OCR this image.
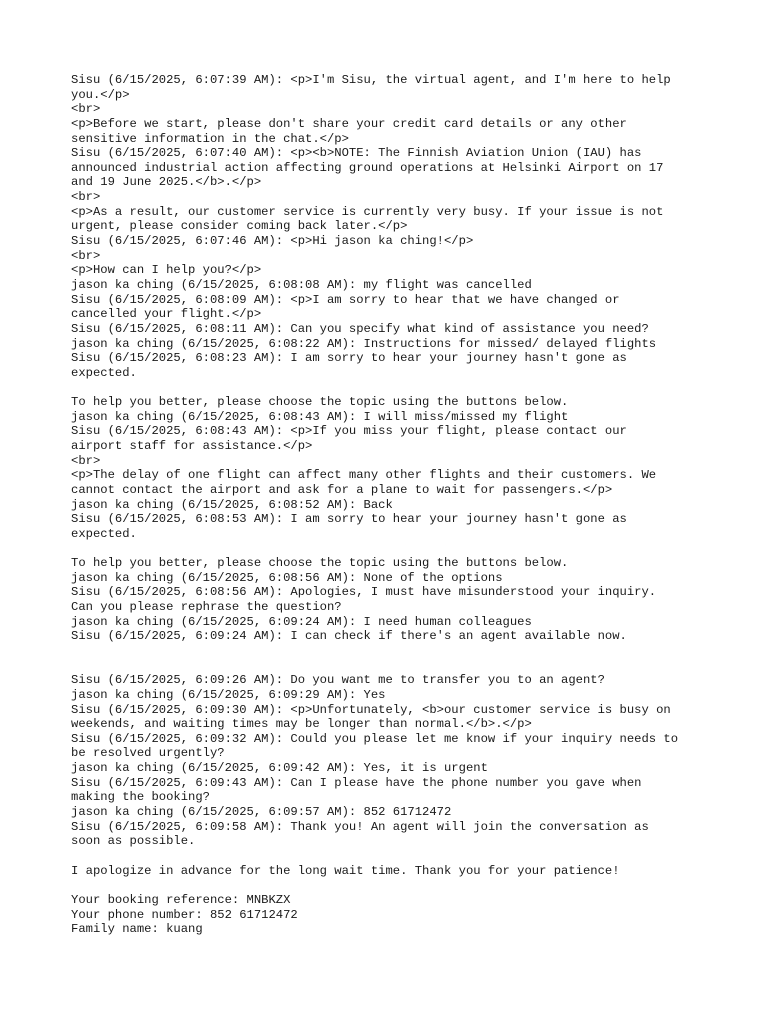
Sisu (6/15/2025, 6:07:39 AM): <p>I'm Sisu, the virtual agent, and I'm here to help
you.</p>
<br>
<p>Before we start, please don't share your credit card details or any other
sensitive information in the chat.</p>
Sisu (6/15/2025, 6:07:40 AM): <p><b>NOTE: The Finnish Aviation Union (IAU) has
announced industrial action affecting ground operations at Helsinki Airport on 17
and 19 June 2025.</b>.</p>
<br>
<p>As a result, our customer service is currently very busy. If your issue is not
urgent, please consider coming back later.</p>
Sisu (6/15/2025, 6:07:46 AM): <p>Hi jason ka ching!</p>
<br>
<p>How can I help you?</p>
jason ka ching (6/15/2025, 6:08:08 AM): my flight was cancelled
Sisu (6/15/2025, 6:08:09 AM): <p>I am sorry to hear that we have changed or
cancelled your flight.</p>
Sisu (6/15/2025, 6:08:11 AM): Can you specify what kind of assistance you need?
jason ka ching (6/15/2025, 6:08:22 AM): Instructions for missed/ delayed flights
Sisu (6/15/2025, 6:08:23 AM): I am sorry to hear your journey hasn't gone as
expected.
To help you better, please choose the topic using the buttons below.
jason ka ching (6/15/2025, 6:08:43 AM): I will miss/missed my flight
Sisu (6/15/2025, 6:08:43 AM): <p>If you miss your flight, please contact our
airport staff for assistance.</p>
<br>
<p>The delay of one flight can affect many other flights and their customers. We
cannot contact the airport and ask for a plane to wait for passengers.</p>
jason ka ching (6/15/2025, 6:08:52 AM): Back
Sisu (6/15/2025, 6:08:53 AM): I am sorry to hear your journey hasn't gone as
expected.
To help you better, please choose the topic using the buttons below.
jason ka ching (6/15/2025, 6:08:56 AM): None of the options
Sisu (6/15/2025, 6:08:56 AM): Apologies, I must have misunderstood your inquiry.
Can you please rephrase the question?
jason ka ching (6/15/2025, 6:09:24 AM): I need human colleagues
Sisu (6/15/2025, 6:09:24 AM): I can check if there's an agent available now.
Sisu (6/15/2025, 6:09:26 AM): Do you want me to transfer you to an agent?
jason ka ching (6/15/2025, 6:09:29 AM): Yes
Sisu (6/15/2025, 6:09:30 AM): <p>Unfortunately, <b>our customer service is busy on
weekends, and waiting times may be longer than normal.</b>.</p>
Sisu (6/15/2025, 6:09:32 AM): Could you please let me know if your inquiry needs to
be resolved urgently?
jason ka ching (6/15/2025, 6:09:42 AM): Yes, it is urgent
Sisu (6/15/2025, 6:09:43 AM): Can I please have the phone number you gave when
making the booking?
jason ka ching (6/15/2025, 6:09:57 AM): 852 61712472
Sisu (6/15/2025, 6:09:58 AM): Thank you! An agent will join the conversation as
soon as possible.
I apologize in advance for the long wait time. Thank you for your patience!
Your booking reference: MNBKZX
Your phone number: 852 61712472
Family name: kuang
